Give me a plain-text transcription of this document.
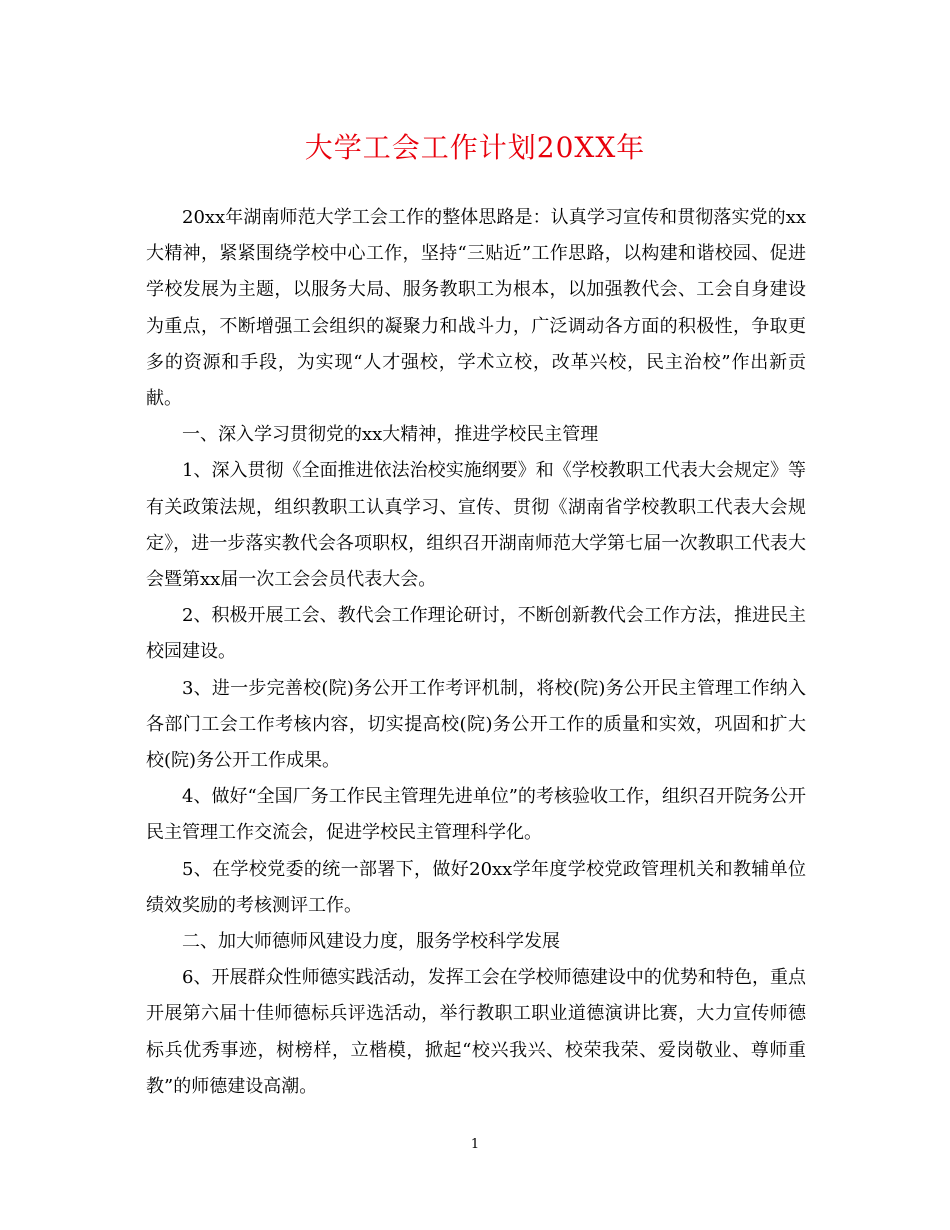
大学工会工作计划20XX年

20xx年湖南师范大学工会工作的整体思路是：认真学习宣传和贯彻落实党的xx大精神，紧紧围绕学校中心工作，坚持“三贴近”工作思路，以构建和谐校园、促进学校发展为主题，以服务大局、服务教职工为根本，以加强教代会、工会自身建设为重点，不断增强工会组织的凝聚力和战斗力，广泛调动各方面的积极性，争取更多的资源和手段，为实现“人才强校，学术立校，改革兴校，民主治校”作出新贡献。

一、深入学习贯彻党的xx大精神，推进学校民主管理

1、深入贯彻《全面推进依法治校实施纲要》和《学校教职工代表大会规定》等有关政策法规，组织教职工认真学习、宣传、贯彻《湖南省学校教职工代表大会规定》，进一步落实教代会各项职权，组织召开湖南师范大学第七届一次教职工代表大会暨第xx届一次工会会员代表大会。

2、积极开展工会、教代会工作理论研讨，不断创新教代会工作方法，推进民主校园建设。

3、进一步完善校(院)务公开工作考评机制，将校(院)务公开民主管理工作纳入各部门工会工作考核内容，切实提高校(院)务公开工作的质量和实效，巩固和扩大校(院)务公开工作成果。

4、做好“全国厂务工作民主管理先进单位”的考核验收工作，组织召开院务公开民主管理工作交流会，促进学校民主管理科学化。

5、在学校党委的统一部署下，做好20xx学年度学校党政管理机关和教辅单位绩效奖励的考核测评工作。

二、加大师德师风建设力度，服务学校科学发展

6、开展群众性师德实践活动，发挥工会在学校师德建设中的优势和特色，重点开展第六届十佳师德标兵评选活动，举行教职工职业道德演讲比赛，大力宣传师德标兵优秀事迹，树榜样，立楷模，掀起“校兴我兴、校荣我荣、爱岗敬业、尊师重教”的师德建设高潮。

1
